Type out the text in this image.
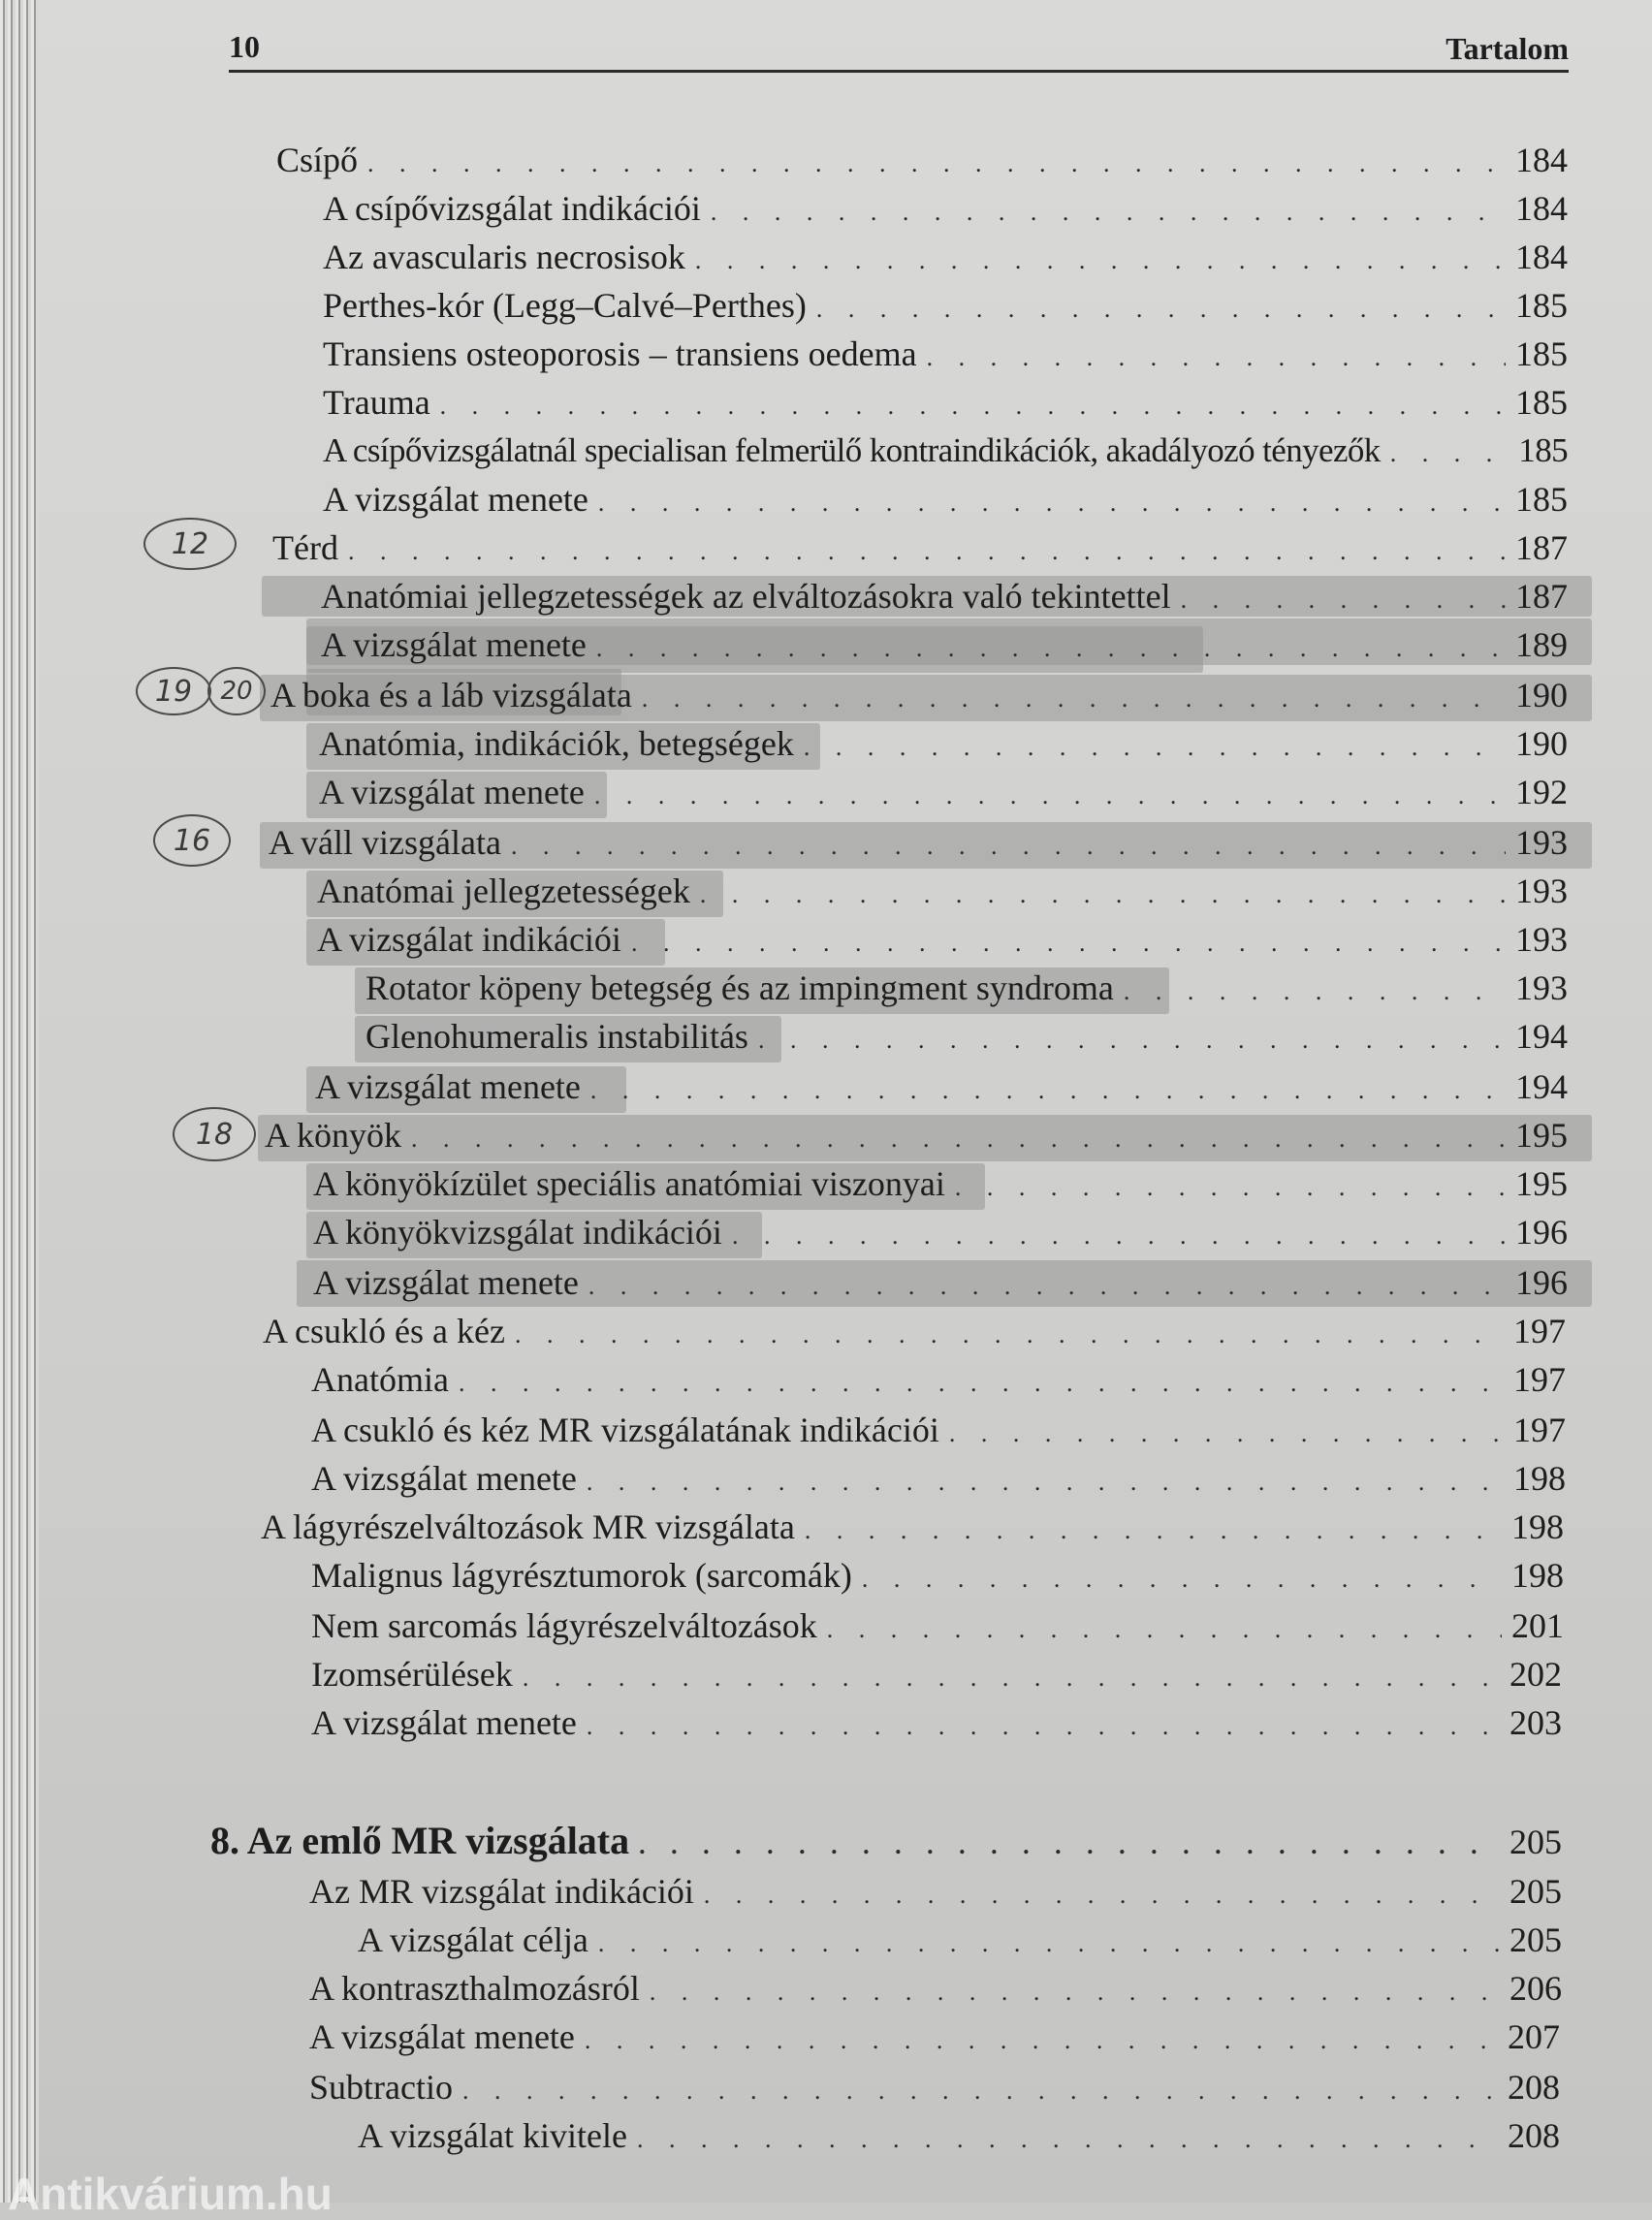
10	Tartalom
Csípő . . .	184
A csípővizsgálat indikációi . . .	184
Az avascularis necrosisok . . .	184
Perthes-kór (Legg–Calvé–Perthes) . . .	185
Transiens osteoporosis – transiens oedema . . .	185
Trauma . . .	185
A csípővizsgálatnál specialisan felmerülő kontraindikációk, akadályozó tényezők . . .	185
A vizsgálat menete . . .	185
Térd . . .	187
Anatómiai jellegzetességek az elváltozásokra való tekintettel . . .	187
A vizsgálat menete . . .	189
A boka és a láb vizsgálata . . .	190
Anatómia, indikációk, betegségek . . .	190
A vizsgálat menete . . .	192
A váll vizsgálata . . .	193
Anatómai jellegzetességek . . .	193
A vizsgálat indikációi . . .	193
Rotator köpeny betegség és az impingment syndroma . . .	193
Glenohumeralis instabilitás . . .	194
A vizsgálat menete . . .	194
A könyök . . .	195
A könyökízület speciális anatómiai viszonyai . . .	195
A könyökvizsgálat indikációi . . .	196
A vizsgálat menete . . .	196
A csukló és a kéz . . .	197
Anatómia . . .	197
A csukló és kéz MR vizsgálatának indikációi . . .	197
A vizsgálat menete . . .	198
A lágyrészelváltozások MR vizsgálata . . .	198
Malignus lágyrésztumorok (sarcomák) . . .	198
Nem sarcomás lágyrészelváltozások . . .	201
Izomsérülések . . .	202
A vizsgálat menete . . .	203
8. Az emlő MR vizsgálata . . .	205
Az MR vizsgálat indikációi . . .	205
A vizsgálat célja . . .	205
A kontraszthalmozásról . . .	206
A vizsgálat menete . . .	207
Subtractio . . .	208
A vizsgálat kivitele . . .	208
12
19	20
16
18
Antikvárium.hu
